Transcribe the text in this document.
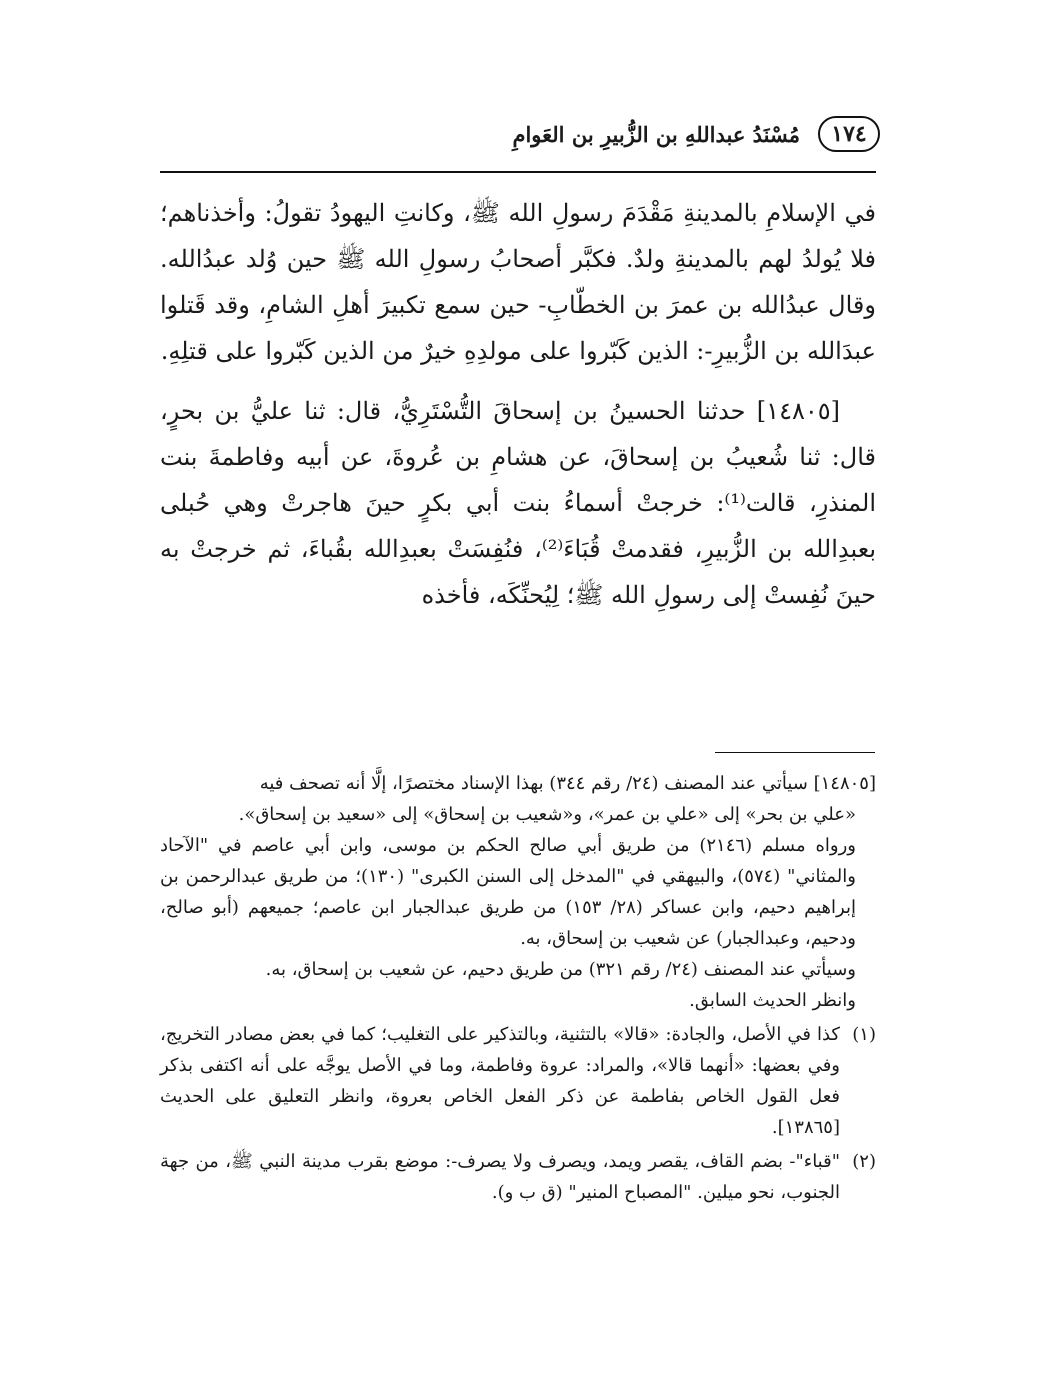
١٧٤
مُسْنَدُ عبداللهِ بن الزُّبيرِ بن العَوامِ

في الإسلامِ بالمدينةِ مَقْدَمَ رسولِ الله ﷺ، وكانتِ اليهودُ تقولُ: وأخذناهم؛ فلا يُولدُ لهم بالمدينةِ ولدٌ. فكبَّر أصحابُ رسولِ الله ﷺ حين وُلد عبدُالله. وقال عبدُالله بن عمرَ بن الخطّابِ- حين سمع تكبيرَ أهلِ الشامِ، وقد قَتلوا عبدَالله بن الزُّبيرِ-: الذين كَبّروا على مولدِهِ خيرٌ من الذين كَبّروا على قتلِهِ.

[١٤٨٠٥] حدثنا الحسينُ بن إسحاقَ التُّسْتَرِيُّ، قال: ثنا عليُّ بن بحرٍ، قال: ثنا شُعيبُ بن إسحاقَ، عن هشامِ بن عُروةَ، عن أبيه وفاطمةَ بنت المنذرِ، قالت⁽¹⁾: خرجتْ أسماءُ بنت أبي بكرٍ حينَ هاجرتْ وهي حُبلى بعبدِالله بن الزُّبيرِ، فقدمتْ قُبَاءَ⁽²⁾، فنُفِسَتْ بعبدِالله بقُباءَ، ثم خرجتْ به حينَ نُفِستْ إلى رسولِ الله ﷺ؛ لِيُحنِّكَه، فأخذه

[١٤٨٠٥] سيأتي عند المصنف (٢٤/ رقم ٣٤٤) بهذا الإسناد مختصرًا، إلَّا أنه تصحف فيه

«علي بن بحر» إلى «علي بن عمر»، و«شعيب بن إسحاق» إلى «سعيد بن إسحاق».

ورواه مسلم (٢١٤٦) من طريق أبي صالح الحكم بن موسى، وابن أبي عاصم في "الآحاد والمثاني" (٥٧٤)، والبيهقي في "المدخل إلى السنن الكبرى" (١٣٠)؛ من طريق عبدالرحمن بن إبراهيم دحيم، وابن عساكر (٢٨/ ١٥٣) من طريق عبدالجبار ابن عاصم؛ جميعهم (أبو صالح، ودحيم، وعبدالجبار) عن شعيب بن إسحاق، به.

وسيأتي عند المصنف (٢٤/ رقم ٣٢١) من طريق دحيم، عن شعيب بن إسحاق، به.

وانظر الحديث السابق.

(١)
كذا في الأصل، والجادة: «قالا» بالتثنية، وبالتذكير على التغليب؛ كما في بعض مصادر التخريج، وفي بعضها: «أنهما قالا»، والمراد: عروة وفاطمة، وما في الأصل يوجَّه على أنه اكتفى بذكر فعل القول الخاص بفاطمة عن ذكر الفعل الخاص بعروة، وانظر التعليق على الحديث [١٣٨٦٥].
(٢)
"قباء"- بضم القاف، يقصر ويمد، ويصرف ولا يصرف-: موضع بقرب مدينة النبي ﷺ، من جهة الجنوب، نحو ميلين. "المصباح المنير" (ق ب و).
